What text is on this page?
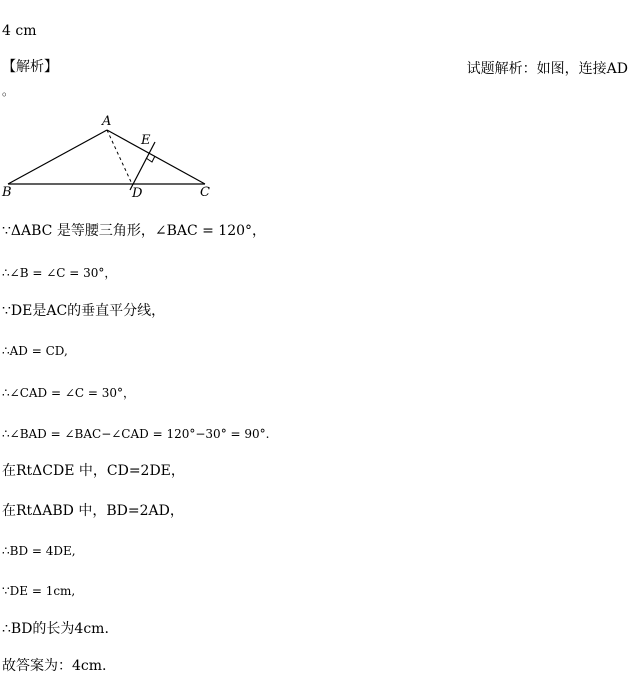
4 cm
【解析】	试题解析：如图，连接AD
。
A
B	C
D
E
∵ΔABC 是等腰三角形，∠BAC = 120°，
∴∠B = ∠C = 30°，
∵DE是AC的垂直平分线，
∴AD = CD,
∴∠CAD = ∠C = 30°，
∴∠BAD = ∠BAC−∠CAD = 120°−30° = 90°.
在RtΔCDE 中，CD=2DE，
在RtΔABD 中，BD=2AD，
∴BD = 4DE,
∵DE = 1cm,
∴BD的长为4cm.
故答案为：4cm.
